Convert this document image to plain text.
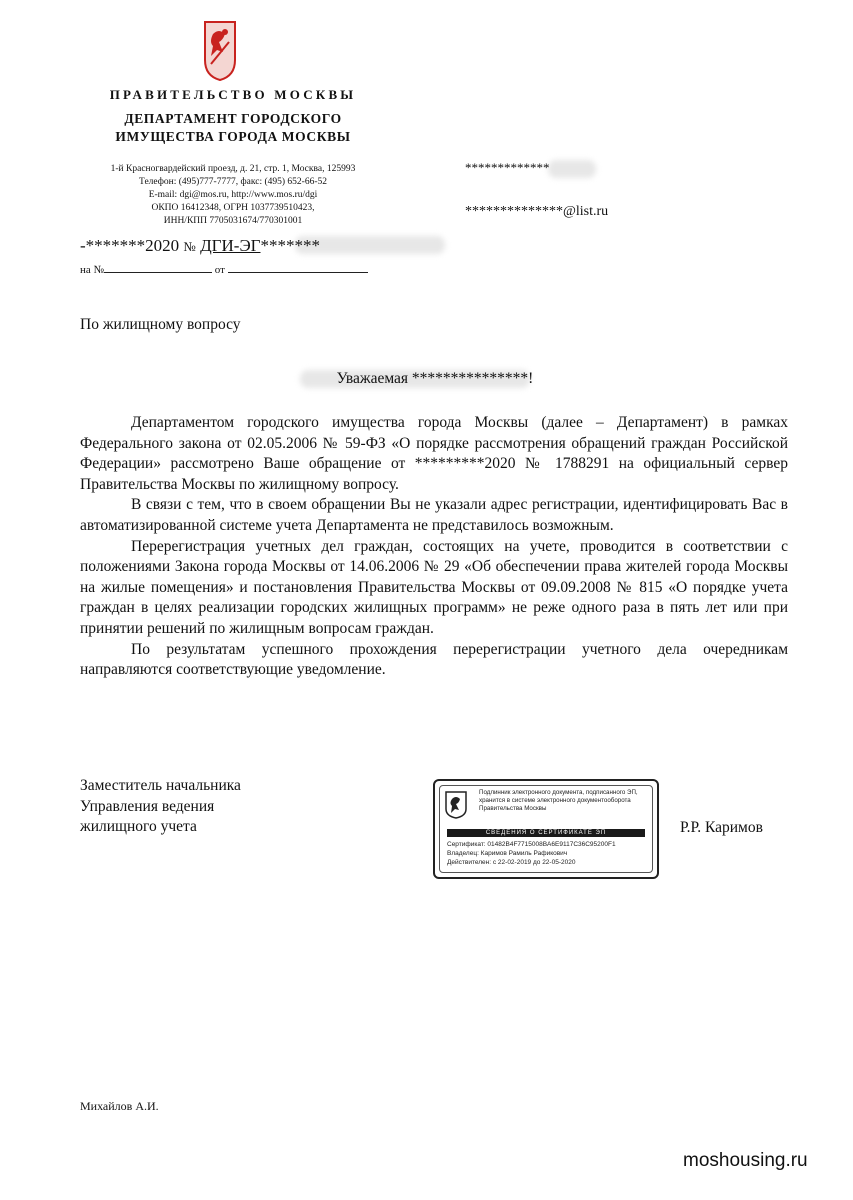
ПРАВИТЕЛЬСТВО МОСКВЫ
ДЕПАРТАМЕНТ ГОРОДСКОГО
ИМУЩЕСТВА ГОРОДА МОСКВЫ
1-й Красногвардейский проезд, д. 21, стр. 1, Москва, 125993
Телефон: (495)777-7777, факс: (495) 652-66-52
E-mail: dgi@mos.ru, http://www.mos.ru/dgi
ОКПО 16412348, ОГРН 1037739510423,
ИНН/КПП 7705031674/770301001
*************
**************@list.ru
-*******2020 № ДГИ-ЭГ*******
на №	от
По жилищному вопросу
Уважаемая ***************!

Департаментом городского имущества города Москвы (далее – Департамент) в рамках Федерального закона от 02.05.2006 № 59-ФЗ «О порядке рассмотрения обращений граждан Российской Федерации» рассмотрено Ваше обращение от *********2020 № 1788291 на официальный сервер Правительства Москвы по жилищному вопросу.

В связи с тем, что в своем обращении Вы не указали адрес регистрации, идентифицировать Вас в автоматизированной системе учета Департамента не представилось возможным.

Перерегистрация учетных дел граждан, состоящих на учете, проводится в соответствии с положениями Закона города Москвы от 14.06.2006 № 29 «Об обеспечении права жителей города Москвы на жилые помещения» и постановления Правительства Москвы от 09.09.2008 № 815 «О порядке учета граждан в целях реализации городских жилищных программ» не реже одного раза в пять лет или при принятии решений по жилищным вопросам граждан.

По результатам успешного прохождения перерегистрации учетного дела очередникам направляются соответствующие уведомление.

Заместитель начальника
Управления ведения
жилищного учета
Подлинник электронного документа, подписанного ЭП,
хранится в системе электронного документооборота
Правительства Москвы
СВЕДЕНИЯ О СЕРТИФИКАТЕ ЭП
Сертификат: 01482B4F7715008BA6E9117C36C95200F1
Владелец: Каримов Рамиль Рафикович
Действителен: с 22-02-2019 до 22-05-2020
Р.Р. Каримов
Михайлов А.И.
moshousing.ru
